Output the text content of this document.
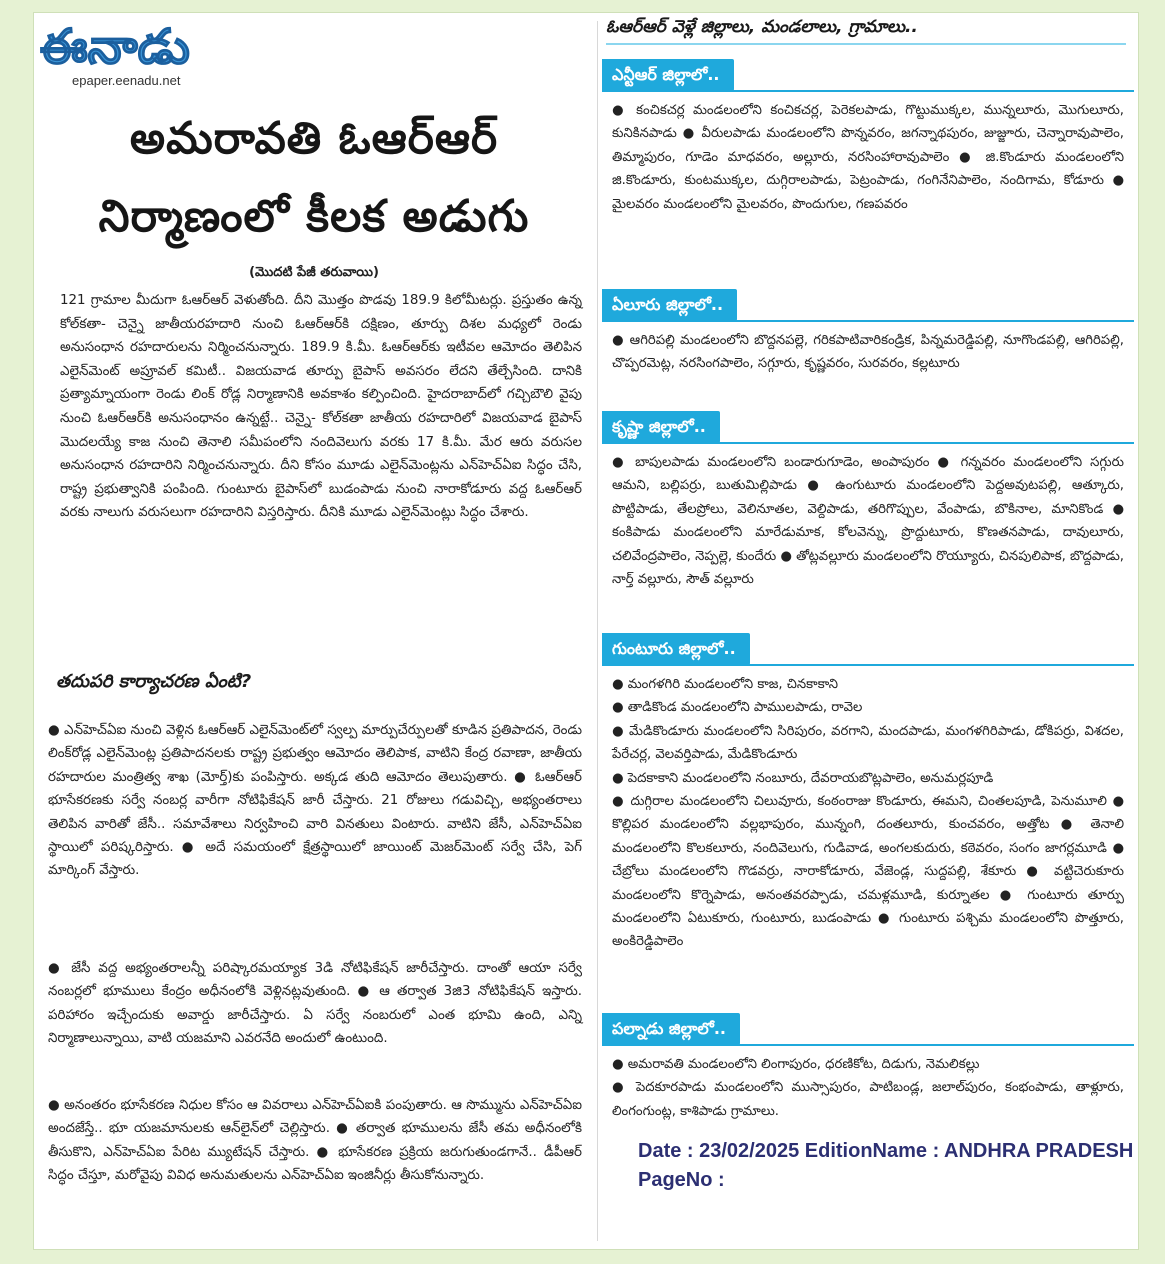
ఈనాడు
epaper.eenadu.net
అమరావతి ఓఆర్ఆర్
నిర్మాణంలో కీలక అడుగు
(మొదటి పేజీ తరువాయి)
121 గ్రామాల మీదుగా ఓఆర్ఆర్ వెళుతోంది. దీని మొత్తం పొడవు 189.9 కిలోమీటర్లు. ప్రస్తుతం ఉన్న కోల్‌కతా- చెన్నై జాతీయరహదారి నుంచి ఓఆర్ఆర్‌కి దక్షిణం, తూర్పు దిశల మధ్యలో రెండు అనుసంధాన రహదారులను నిర్మించనున్నారు. 189.9 కి.మీ. ఓఆర్ఆర్‌కు ఇటీవల ఆమోదం తెలిపిన ఎలైన్‌మెంట్ అప్రూవల్ కమిటీ.. విజయవాడ తూర్పు బైపాస్ అవసరం లేదని తేల్చేసింది. దానికి ప్రత్యామ్నాయంగా రెండు లింక్ రోడ్ల నిర్మాణానికి అవకాశం కల్పించింది. హైదరాబాద్‌లో గచ్చిబౌలి వైపు నుంచి ఓఆర్ఆర్‌కి అనుసంధానం ఉన్నట్టే.. చెన్నై- కోల్‌కతా జాతీయ రహదారిలో విజయవాడ బైపాస్ మొదలయ్యే కాజ నుంచి తెనాలి సమీపంలోని నందివెలుగు వరకు 17 కి.మీ. మేర ఆరు వరుసల అనుసంధాన రహదారిని నిర్మించనున్నారు. దీని కోసం మూడు ఎలైన్‌మెంట్లను ఎన్‌హెచ్ఏఐ సిద్ధం చేసి, రాష్ట్ర ప్రభుత్వానికి పంపింది. గుంటూరు బైపాస్‌లో బుడంపాడు నుంచి నారాకోడూరు వద్ద ఓఆర్ఆర్ వరకు నాలుగు వరుసలుగా రహదారిని విస్తరిస్తారు. దీనికి మూడు ఎలైన్‌మెంట్లు సిద్ధం చేశారు.
తదుపరి కార్యాచరణ ఏంటి?

● ఎన్‌హెచ్ఏఐ నుంచి వెళ్లిన ఓఆర్ఆర్ ఎలైన్‌మెంట్‌లో స్వల్ప మార్పుచేర్పులతో కూడిన ప్రతిపాదన, రెండు లింక్‌రోడ్ల ఎలైన్‌మెంట్ల ప్రతిపాదనలకు రాష్ట్ర ప్రభుత్వం ఆమోదం తెలిపాక, వాటిని కేంద్ర రవాణా, జాతీయ రహదారుల మంత్రిత్వ శాఖ (మోర్త్)కు పంపిస్తారు. అక్కడ తుది ఆమోదం తెలుపుతారు. ● ఓఆర్ఆర్ భూసేకరణకు సర్వే నంబర్ల వారీగా నోటిఫికేషన్ జారీ చేస్తారు. 21 రోజులు గడువిచ్చి, అభ్యంతరాలు తెలిపిన వారితో జేసీ.. సమావేశాలు నిర్వహించి వారి వినతులు వింటారు. వాటిని జేసీ, ఎన్‌హెచ్ఏఐ స్థాయిలో పరిష్కరిస్తారు. ● అదే సమయంలో క్షేత్రస్థాయిలో జాయింట్ మెజర్‌మెంట్ సర్వే చేసి, పెగ్ మార్కింగ్ వేస్తారు.

● జేసీ వద్ద అభ్యంతరాలన్నీ పరిష్కారమయ్యాక 3డి నోటిఫికేషన్ జారీచేస్తారు. దాంతో ఆయా సర్వే నంబర్లలో భూములు కేంద్రం అధీనంలోకి వెళ్లినట్లవుతుంది. ● ఆ తర్వాత 3జి3 నోటిఫికేషన్ ఇస్తారు. పరిహారం ఇచ్చేందుకు అవార్డు జారీచేస్తారు. ఏ సర్వే నంబరులో ఎంత భూమి ఉంది, ఎన్ని నిర్మాణాలున్నాయి, వాటి యజమాని ఎవరనేది అందులో ఉంటుంది.

● అనంతరం భూసేకరణ నిధుల కోసం ఆ వివరాలు ఎన్‌హెచ్ఏఐకి పంపుతారు. ఆ సొమ్మును ఎన్‌హెచ్ఏఐ అందజేస్తే.. భూ యజమానులకు ఆన్‌లైన్‌లో చెల్లిస్తారు. ● తర్వాత భూములను జేసీ తమ అధీనంలోకి తీసుకొని, ఎన్‌హెచ్ఏఐ పేరిట మ్యుటేషన్ చేస్తారు. ● భూసేకరణ ప్రక్రియ జరుగుతుండగానే.. డీపీఆర్ సిద్ధం చేస్తూ, మరోవైపు వివిధ అనుమతులను ఎన్‌హెచ్ఏఐ ఇంజినీర్లు తీసుకోనున్నారు.

ఓఆర్ఆర్ వెళ్లే జిల్లాలు, మండలాలు, గ్రామాలు..
ఎన్టీఆర్ జిల్లాలో..

● కంచికచర్ల మండలంలోని కంచికచర్ల, పెరెకలపాడు, గొట్టుముక్కల, మున్నలూరు, మొగులూరు, కునికినపాడు ● వీరులపాడు మండలంలోని పొన్నవరం, జగన్నాథపురం, జుజ్జూరు, చెన్నారావుపాలెం, తిమ్మాపురం, గూడెం మాధవరం, అల్లూరు, నరసింహారావుపాలెం ● జి.కొండూరు మండలంలోని జి.కొండూరు, కుంటముక్కల, దుగ్గిరాలపాడు, పెట్రంపాడు, గంగినేనిపాలెం, నందిగామ, కోడూరు ● మైలవరం మండలంలోని మైలవరం, పొందుగుల, గణపవరం

ఏలూరు జిల్లాలో..

● ఆగిరిపల్లి మండలంలోని బొద్దనపల్లె, గరికపాటివారికండ్రిక, పిన్నమరెడ్డిపల్లి, నూగొండపల్లి, ఆగిరిపల్లి, చొప్పరమెట్ల, నరసింగపాలెం, సగ్గూరు, కృష్ణవరం, సురవరం, కల్లటూరు

కృష్ణా జిల్లాలో..

● బాపులపాడు మండలంలోని బండారుగూడెం, అంపాపురం ● గన్నవరం మండలంలోని సగ్గురు ఆమని, బల్లిపర్రు, బుతుమిల్లిపాడు ● ఉంగుటూరు మండలంలోని పెద్దఅవుటపల్లి, ఆత్కూరు, పొట్టిపాడు, తేలప్రోలు, వెలినూతల, వెల్దిపాడు, తరిగొప్పుల, వేంపాడు, బొకినాల, మానికొండ ● కంకిపాడు మండలంలోని మారేడుమాక, కోలవెన్ను, ప్రొద్దుటూరు, కొణతనపాడు, దావులూరు, చలివేంద్రపాలెం, నెప్పల్లె, కుందేరు ● తోట్లవల్లూరు మండలంలోని రొయ్యూరు, చినపులిపాక, బొద్దపాడు, నార్త్ వల్లూరు, సౌత్ వల్లూరు

గుంటూరు జిల్లాలో..

● మంగళగిరి మండలంలోని కాజ, చినకాకాని

● తాడికొండ మండలంలోని పాములపాడు, రావెల

● మేడికొండూరు మండలంలోని సిరిపురం, వరగాని, మందపాడు, మంగళగిరిపాడు, డోకిపర్రు, విశదల, పేరేచర్ల, వెలవర్తిపాడు, మేడికొండూరు

● పెదకాకాని మండలంలోని నంబూరు, దేవరాయబొట్లపాలెం, అనుమర్లపూడి

● దుగ్గిరాల మండలంలోని చిలువూరు, కంఠంరాజు కొండూరు, ఈమని, చింతలపూడి, పెనుమూలి ● కొల్లిపర మండలంలోని వల్లభాపురం, మున్నంగి, దంతలూరు, కుంచవరం, అత్తోట ● తెనాలి మండలంలోని కొలకలూరు, నందివెలుగు, గుడివాడ, అంగలకుదురు, కఠెవరం, సంగం జాగర్లమూడి ● చేబ్రోలు మండలంలోని గొడవర్రు, నారాకోడూరు, వేజెండ్ల, సుద్దపల్లి, శేకూరు ● వట్టిచెరుకూరు మండలంలోని కొర్నెపాడు, అనంతవరప్పాడు, చమళ్లమూడి, కుర్నూతల ● గుంటూరు తూర్పు మండలంలోని ఏటుకూరు, గుంటూరు, బుడంపాడు ● గుంటూరు పశ్చిమ మండలంలోని పొత్తూరు, అంకిరెడ్డిపాలెం

పల్నాడు జిల్లాలో..

● అమరావతి మండలంలోని లింగాపురం, ధరణికోట, దిడుగు, నెమలికల్లు

● పెదకూరపాడు మండలంలోని ముస్సాపురం, పాటిబండ్ల, జలాల్‌పురం, కంభంపాడు, తాళ్లూరు, లింగంగుంట్ల, కాశిపాడు గ్రామాలు.

Date : 23/02/2025 EditionName : ANDHRA PRADESH PageNo :
